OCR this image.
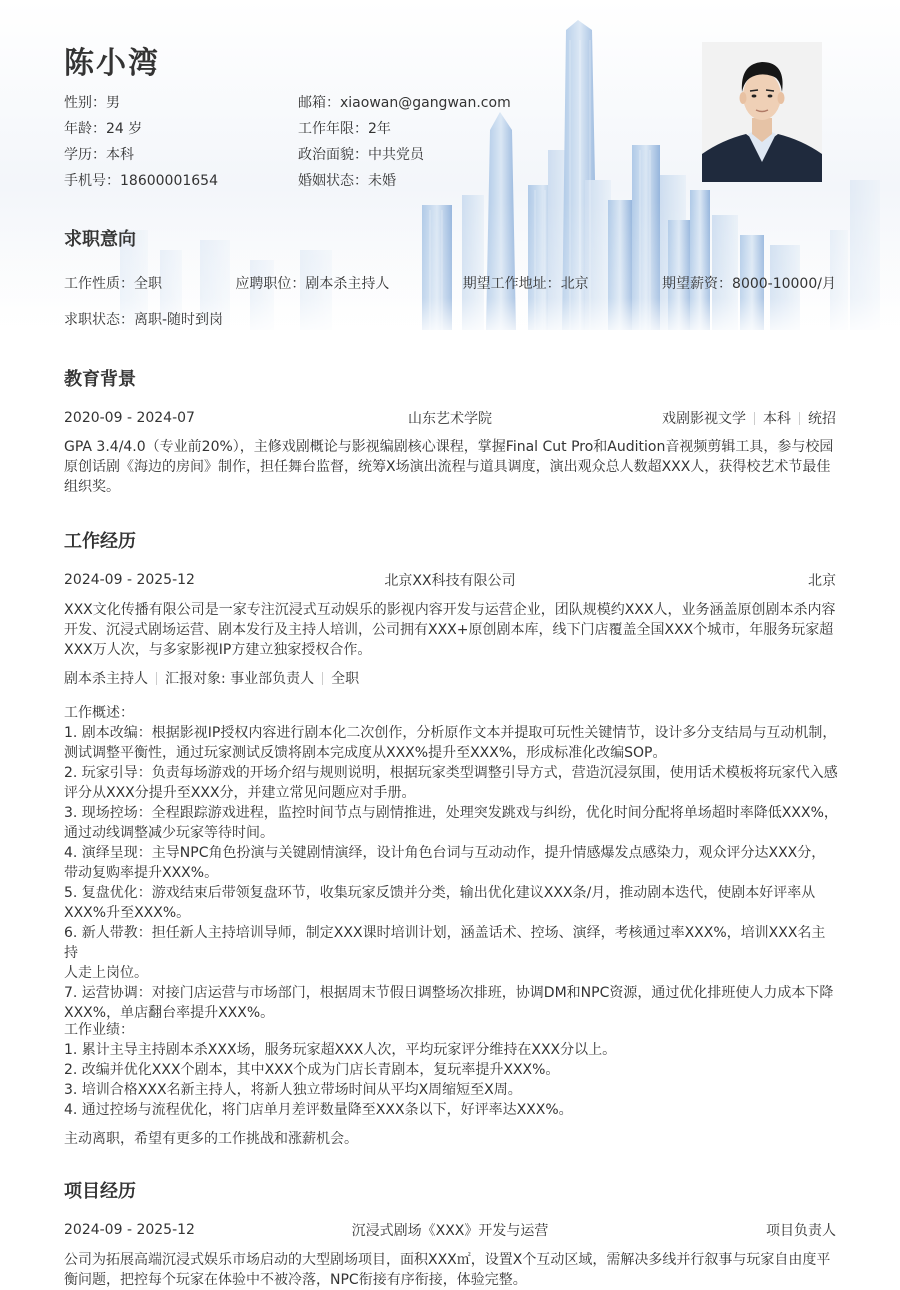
陈小湾
性别：男	邮箱：xiaowan@gangwan.com
年龄：24 岁	工作年限：2年
学历：本科	政治面貌：中共党员
手机号：18600001654	婚姻状态：未婚
求职意向
工作性质：全职	应聘职位：剧本杀主持人	期望工作地址：北京	期望薪资：8000-10000/月
求职状态：离职-随时到岗
教育背景
2020-09 - 2024-07	山东艺术学院	戏剧影视文学 本科 统招
GPA 3.4/4.0（专业前20%），主修戏剧概论与影视编剧核心课程，掌握Final Cut Pro和Audition音视频剪辑工具，参与校园
原创话剧《海边的房间》制作，担任舞台监督，统筹X场演出流程与道具调度，演出观众总人数超XXX人，获得校艺术节最佳
组织奖。
工作经历
2024-09 - 2025-12	北京XX科技有限公司	北京
XXX文化传播有限公司是一家专注沉浸式互动娱乐的影视内容开发与运营企业，团队规模约XXX人，业务涵盖原创剧本杀内容
开发、沉浸式剧场运营、剧本发行及主持人培训，公司拥有XXX+原创剧本库，线下门店覆盖全国XXX个城市，年服务玩家超
XXX万人次，与多家影视IP方建立独家授权合作。
剧本杀主持人 汇报对象: 事业部负责人 全职
工作概述：
1. 剧本改编：根据影视IP授权内容进行剧本化二次创作，分析原作文本并提取可玩性关键情节，设计多分支结局与互动机制，
测试调整平衡性，通过玩家测试反馈将剧本完成度从XXX%提升至XXX%，形成标准化改编SOP。
2. 玩家引导：负责每场游戏的开场介绍与规则说明，根据玩家类型调整引导方式，营造沉浸氛围，使用话术模板将玩家代入感
评分从XXX分提升至XXX分，并建立常见问题应对手册。
3. 现场控场：全程跟踪游戏进程，监控时间节点与剧情推进，处理突发跳戏与纠纷，优化时间分配将单场超时率降低XXX%，
通过动线调整减少玩家等待时间。
4. 演绎呈现：主导NPC角色扮演与关键剧情演绎，设计角色台词与互动动作，提升情感爆发点感染力，观众评分达XXX分，
带动复购率提升XXX%。
5. 复盘优化：游戏结束后带领复盘环节，收集玩家反馈并分类，输出优化建议XXX条/月，推动剧本迭代，使剧本好评率从
XXX%升至XXX%。
6. 新人带教：担任新人主持培训导师，制定XXX课时培训计划，涵盖话术、控场、演绎，考核通过率XXX%，培训XXX名主持
人走上岗位。
7. 运营协调：对接门店运营与市场部门，根据周末节假日调整场次排班，协调DM和NPC资源，通过优化排班使人力成本下降
XXX%，单店翻台率提升XXX%。
工作业绩：
1. 累计主导主持剧本杀XXX场，服务玩家超XXX人次，平均玩家评分维持在XXX分以上。
2. 改编并优化XXX个剧本，其中XXX个成为门店长青剧本，复玩率提升XXX%。
3. 培训合格XXX名新主持人，将新人独立带场时间从平均X周缩短至X周。
4. 通过控场与流程优化，将门店单月差评数量降至XXX条以下，好评率达XXX%。
主动离职，希望有更多的工作挑战和涨薪机会。
项目经历
2024-09 - 2025-12	沉浸式剧场《XXX》开发与运营	项目负责人
公司为拓展高端沉浸式娱乐市场启动的大型剧场项目，面积XXX㎡，设置X个互动区域，需解决多线并行叙事与玩家自由度平
衡问题，把控每个玩家在体验中不被冷落，NPC衔接有序衔接，体验完整。
